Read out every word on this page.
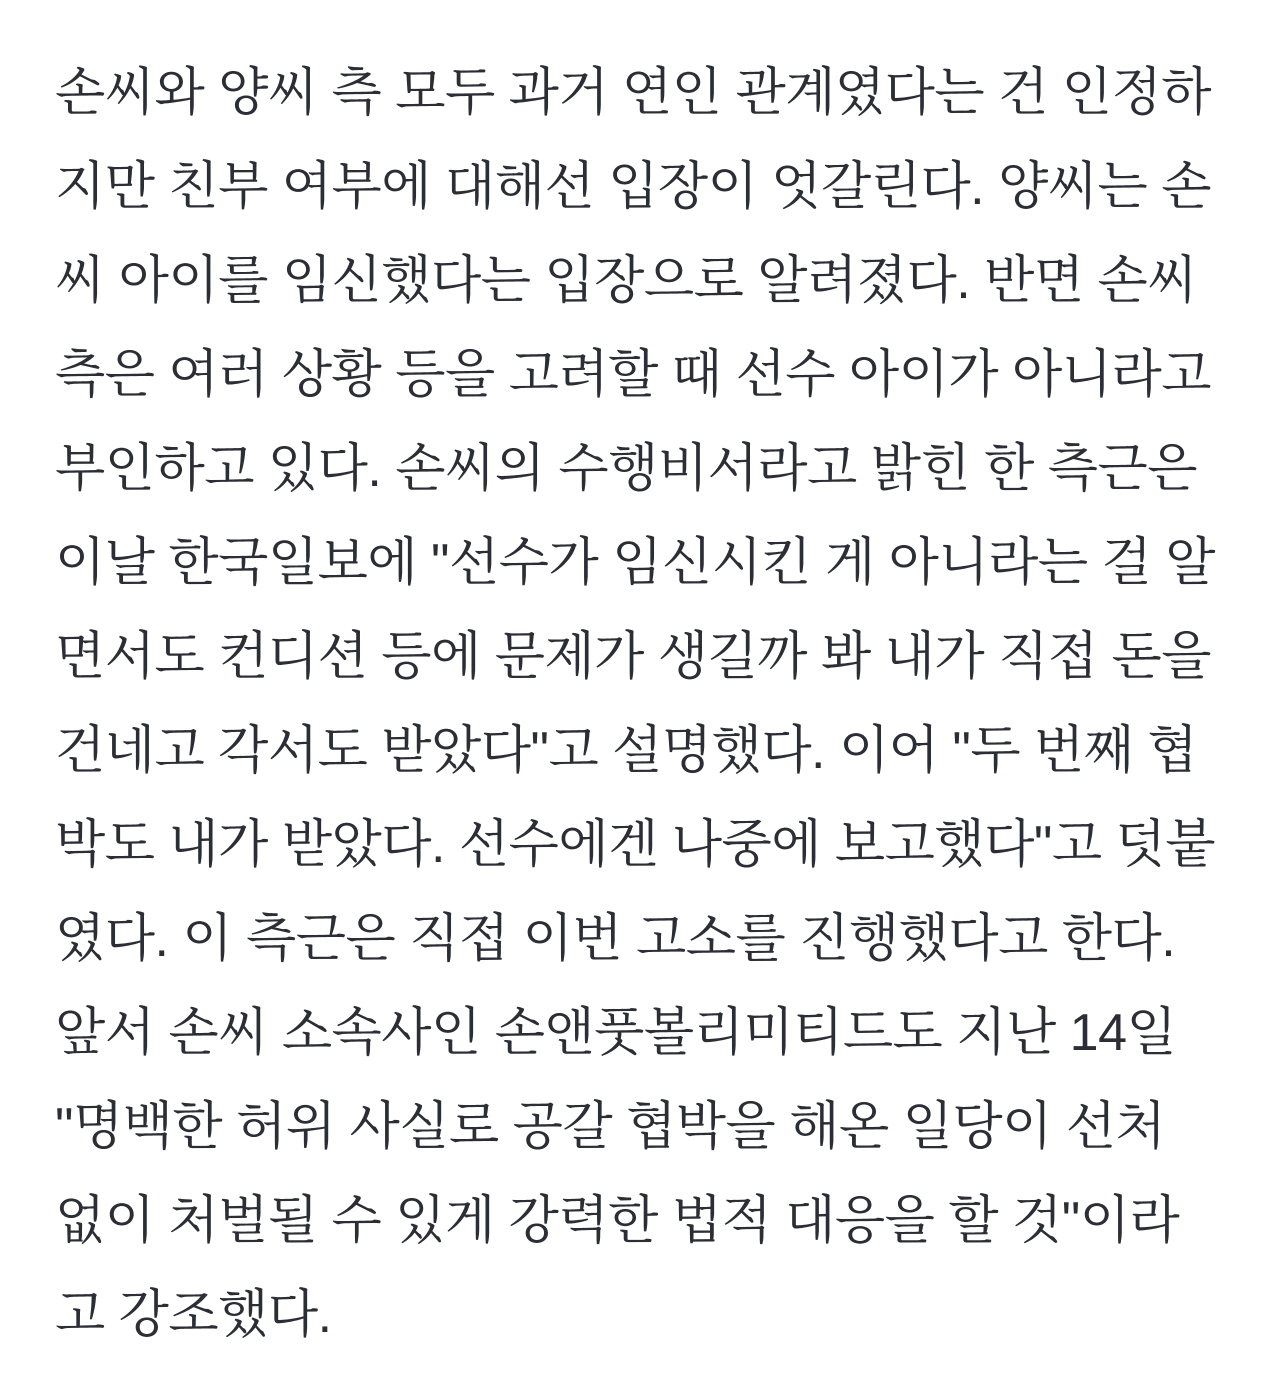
손씨와 양씨 측 모두 과거 연인 관계였다는 건 인정하
지만 친부 여부에 대해선 입장이 엇갈린다. 양씨는 손
씨 아이를 임신했다는 입장으로 알려졌다. 반면 손씨
측은 여러 상황 등을 고려할 때 선수 아이가 아니라고
부인하고 있다. 손씨의 수행비서라고 밝힌 한 측근은
이날 한국일보에 "선수가 임신시킨 게 아니라는 걸 알
면서도 컨디션 등에 문제가 생길까 봐 내가 직접 돈을
건네고 각서도 받았다"고 설명했다. 이어 "두 번째 협
박도 내가 받았다. 선수에겐 나중에 보고했다"고 덧붙
였다. 이 측근은 직접 이번 고소를 진행했다고 한다.
앞서 손씨 소속사인 손앤풋볼리미티드도 지난 14일
"명백한 허위 사실로 공갈 협박을 해온 일당이 선처
없이 처벌될 수 있게 강력한 법적 대응을 할 것"이라
고 강조했다.
